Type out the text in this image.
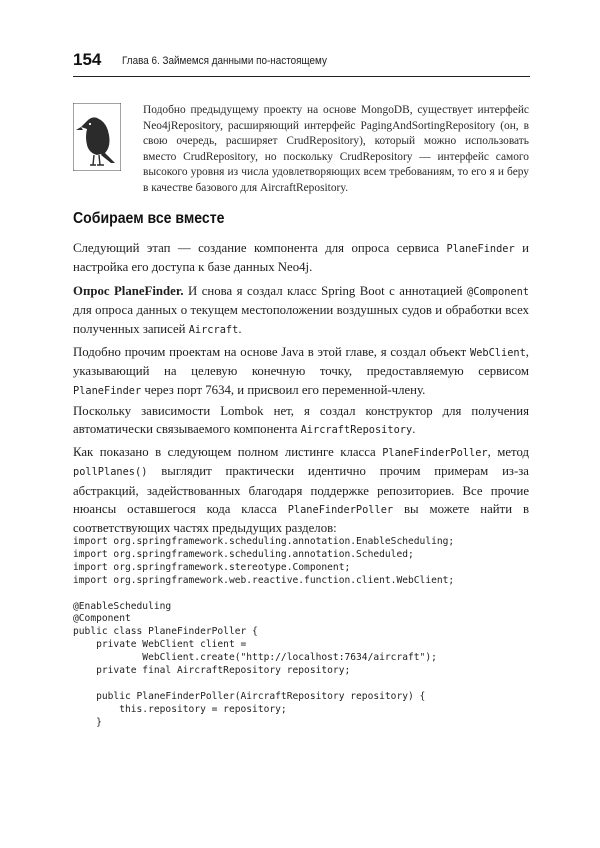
154 Глава 6. Займемся данными по-настоящему

Подобно предыдущему проекту на основе MongoDB, существует интерфейс Neo4jRepository, расширяющий интерфейс PagingAndSortingRepository (он, в свою очередь, расширяет CrudRepository), который можно использовать вместо CrudRepository, но поскольку CrudRepository — интерфейс самого высокого уровня из числа удовлетворяющих всем требованиям, то его я и беру в качестве базового для AircraftRepository.

Собираем все вместе

Следующий этап — создание компонента для опроса сервиса PlaneFinder и настройка его доступа к базе данных Neo4j.

Опрос PlaneFinder. И снова я создал класс Spring Boot с аннотацией @Component для опроса данных о текущем местоположении воздушных судов и обработки всех полученных записей Aircraft.

Подобно прочим проектам на основе Java в этой главе, я создал объект WebClient, указывающий на целевую конечную точку, предоставляемую сервисом PlaneFinder через порт 7634, и присвоил его переменной-члену.

Поскольку зависимости Lombok нет, я создал конструктор для получения автоматически связываемого компонента AircraftRepository.

Как показано в следующем полном листинге класса PlaneFinderPoller, метод pollPlanes() выглядит практически идентично прочим примерам из-за абстракций, задействованных благодаря поддержке репозиториев. Все прочие нюансы оставшегося кода класса PlaneFinderPoller вы можете найти в соответствующих частях предыдущих разделов:

import org.springframework.scheduling.annotation.EnableScheduling;
import org.springframework.scheduling.annotation.Scheduled;
import org.springframework.stereotype.Component;
import org.springframework.web.reactive.function.client.WebClient;

@EnableScheduling
@Component
public class PlaneFinderPoller {
private WebClient client =
WebClient.create("http://localhost:7634/aircraft");
private final AircraftRepository repository;

public PlaneFinderPoller(AircraftRepository repository) {
this.repository = repository;
}
